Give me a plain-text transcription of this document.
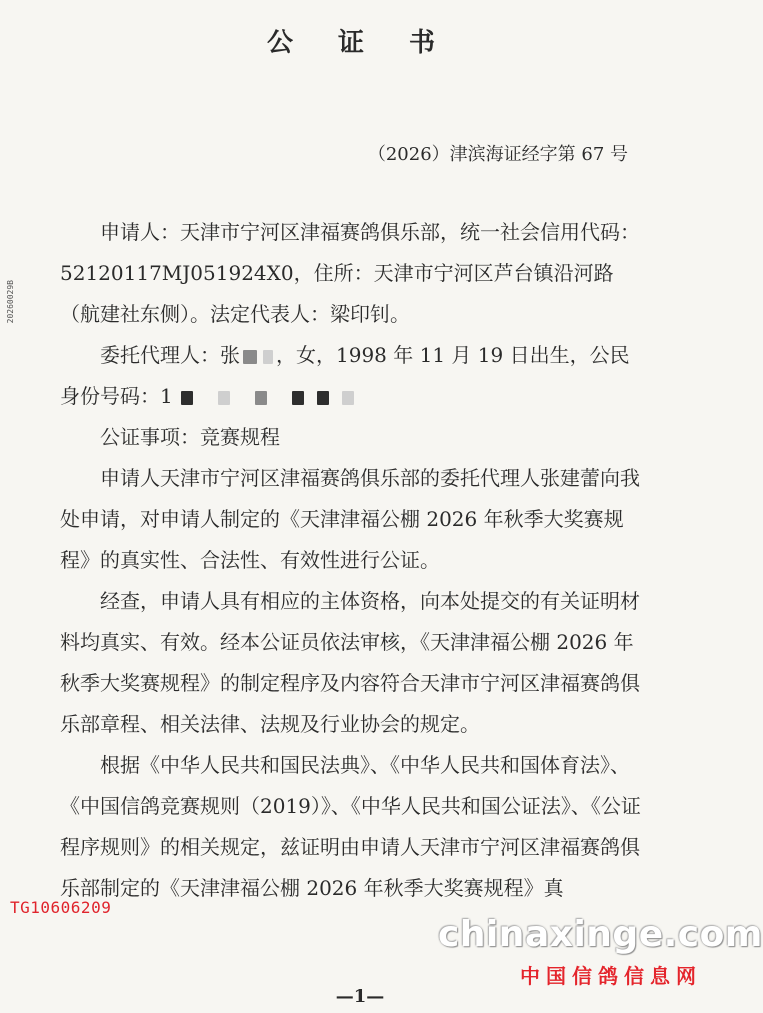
公 证 书
（2026）津滨海证经字第 67 号
20260029B

申请人：天津市宁河区津福赛鸽俱乐部，统一社会信用代码：52120117MJ051924X0，住所：天津市宁河区芦台镇沿河路（航建社东侧）。法定代表人：梁印钊。

委托代理人：张 ，女，1998 年 11 月 19 日出生，公民身份号码：1

公证事项：竞赛规程

申请人天津市宁河区津福赛鸽俱乐部的委托代理人张建蕾向我处申请，对申请人制定的《天津津福公棚 2026 年秋季大奖赛规程》的真实性、合法性、有效性进行公证。

经查，申请人具有相应的主体资格，向本处提交的有关证明材料均真实、有效。经本公证员依法审核，《天津津福公棚 2026 年秋季大奖赛规程》的制定程序及内容符合天津市宁河区津福赛鸽俱乐部章程、相关法律、法规及行业协会的规定。

根据《中华人民共和国民法典》、《中华人民共和国体育法》、《中国信鸽竞赛规则（2019）》、《中华人民共和国公证法》、《公证程序规则》的相关规定，兹证明由申请人天津市宁河区津福赛鸽俱乐部制定的《天津津福公棚 2026 年秋季大奖赛规程》真

TG10606209
chinaxinge.com
中国信鸽信息网
—1—
